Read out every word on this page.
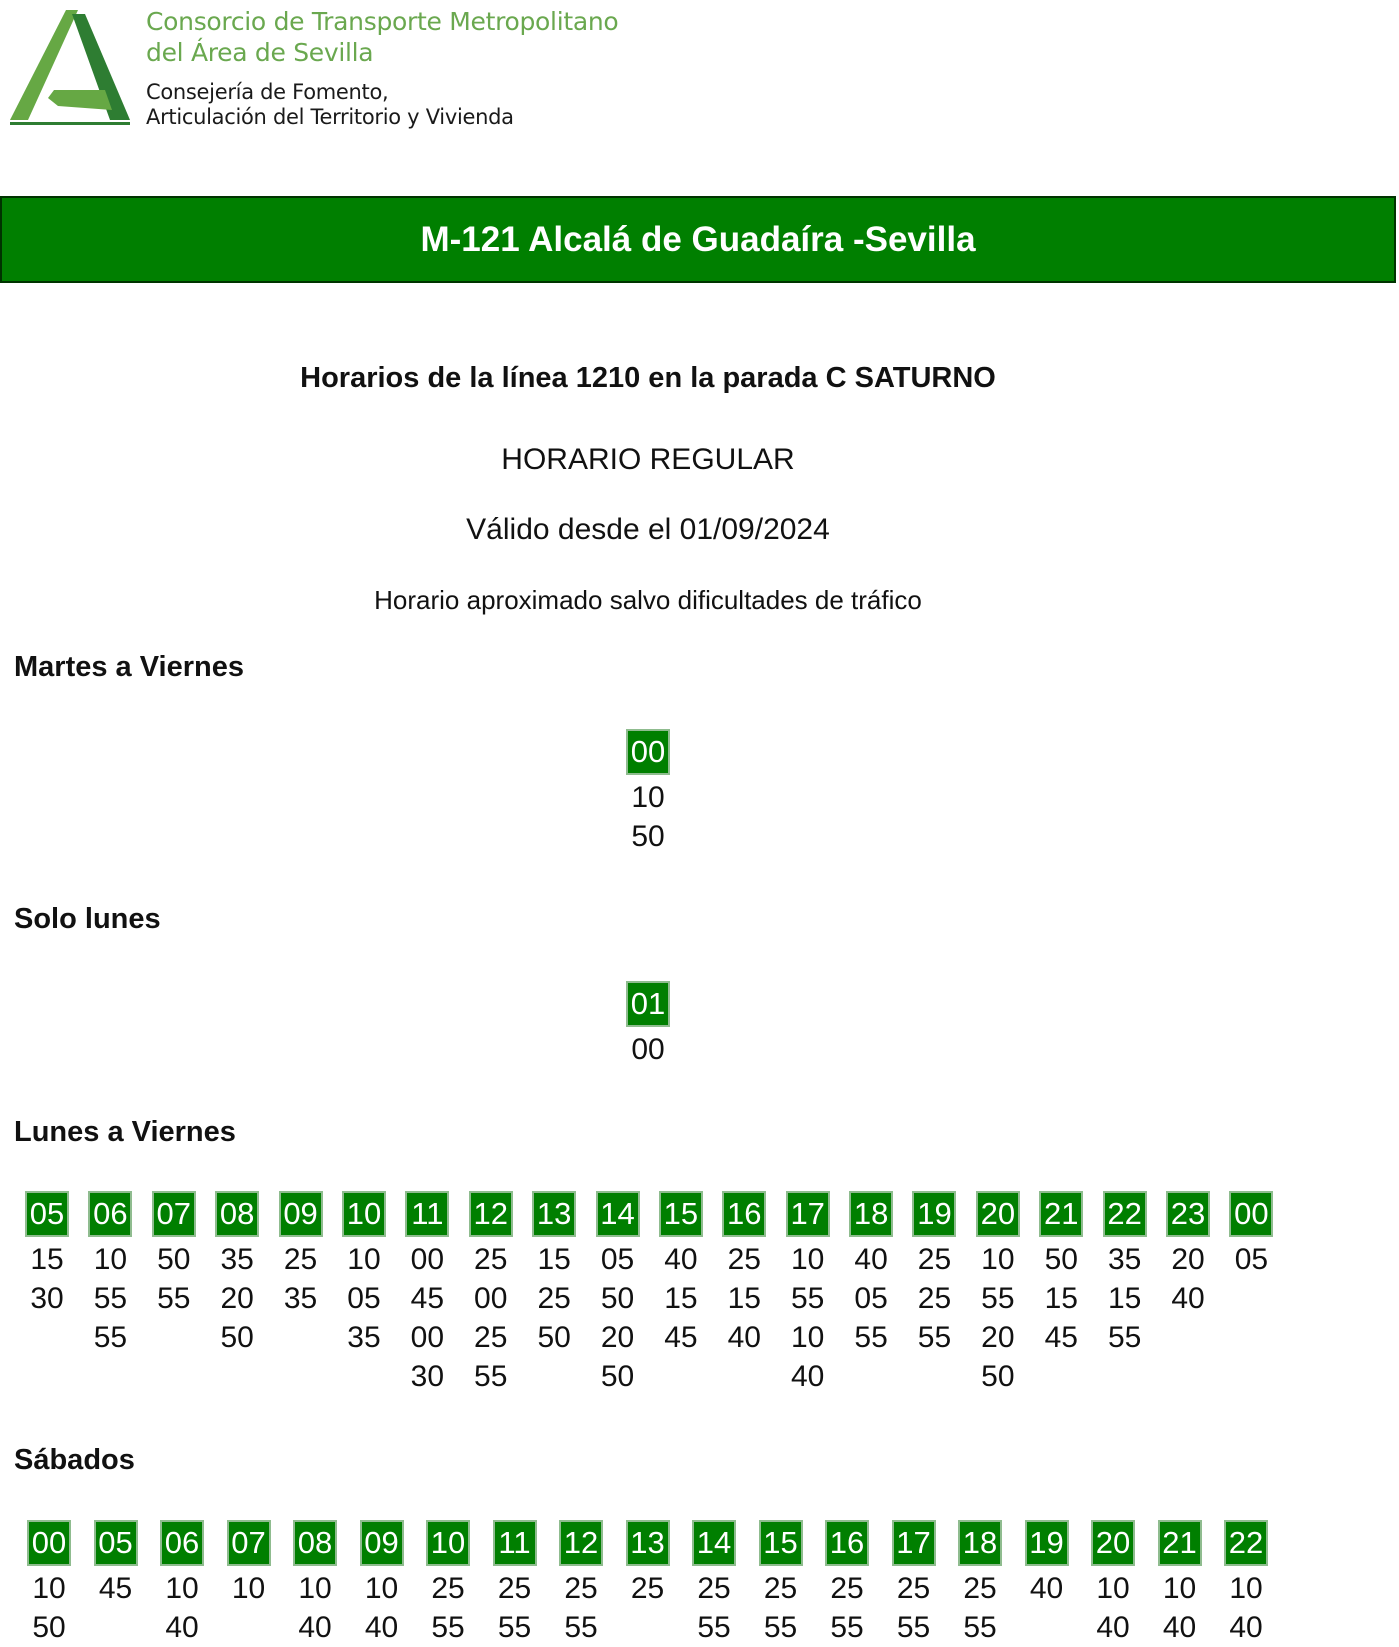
Consorcio de Transporte Metropolitano
del Área de Sevilla
Consejería de Fomento,
Articulación del Territorio y Vivienda
M-121 Alcalá de Guadaíra -Sevilla
Horarios de la línea 1210 en la parada C SATURNO
HORARIO REGULAR
Válido desde el 01/09/2024
Horario aproximado salvo dificultades de tráfico
Martes a Viernes
00
10
50
Solo lunes
01
00
Lunes a Viernes
05
15
30
06
10
55
55
07
50
55
08
35
20
50
09
25
35
10
10
05
35
11
00
45
00
30
12
25
00
25
55
13
15
25
50
14
05
50
20
50
15
40
15
45
16
25
15
40
17
10
55
10
40
18
40
05
55
19
25
25
55
20
10
55
20
50
21
50
15
45
22
35
15
55
23
20
40
00
05
Sábados
00
10
50
05
45
06
10
40
07
10
08
10
40
09
10
40
10
25
55
11
25
55
12
25
55
13
25
14
25
55
15
25
55
16
25
55
17
25
55
18
25
55
19
40
20
10
40
21
10
40
22
10
40
